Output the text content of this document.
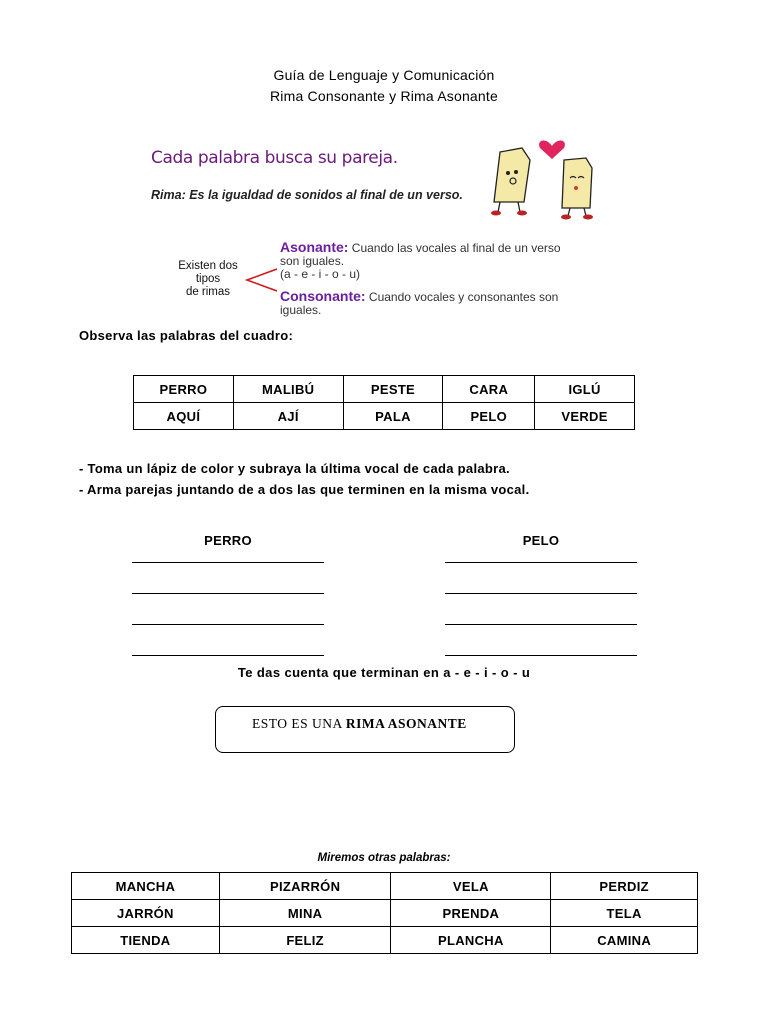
Guía de Lenguaje y Comunicación
Rima Consonante y Rima Asonante
Cada palabra busca su pareja.
Rima: Es la igualdad de sonidos al final de un verso.
Existen dos
tipos
de rimas
Asonante: Cuando las vocales al final de un verso
son iguales.
(a - e - i - o - u)
Consonante: Cuando vocales y consonantes son
iguales.
Observa las palabras del cuadro:
PERRO	MALIBÚ	PESTE	CARA	IGLÚ
AQUÍ	AJÍ	PALA	PELO	VERDE
- Toma un lápiz de color y subraya la última vocal de cada palabra.
- Arma parejas juntando de a dos las que terminen en la misma vocal.
PERRO	PELO
Te das cuenta que terminan en a - e - i - o - u
ESTO ES UNA RIMA ASONANTE
Miremos otras palabras:
MANCHA	PIZARRÓN	VELA	PERDIZ
JARRÓN	MINA	PRENDA	TELA
TIENDA	FELIZ	PLANCHA	CAMINA
